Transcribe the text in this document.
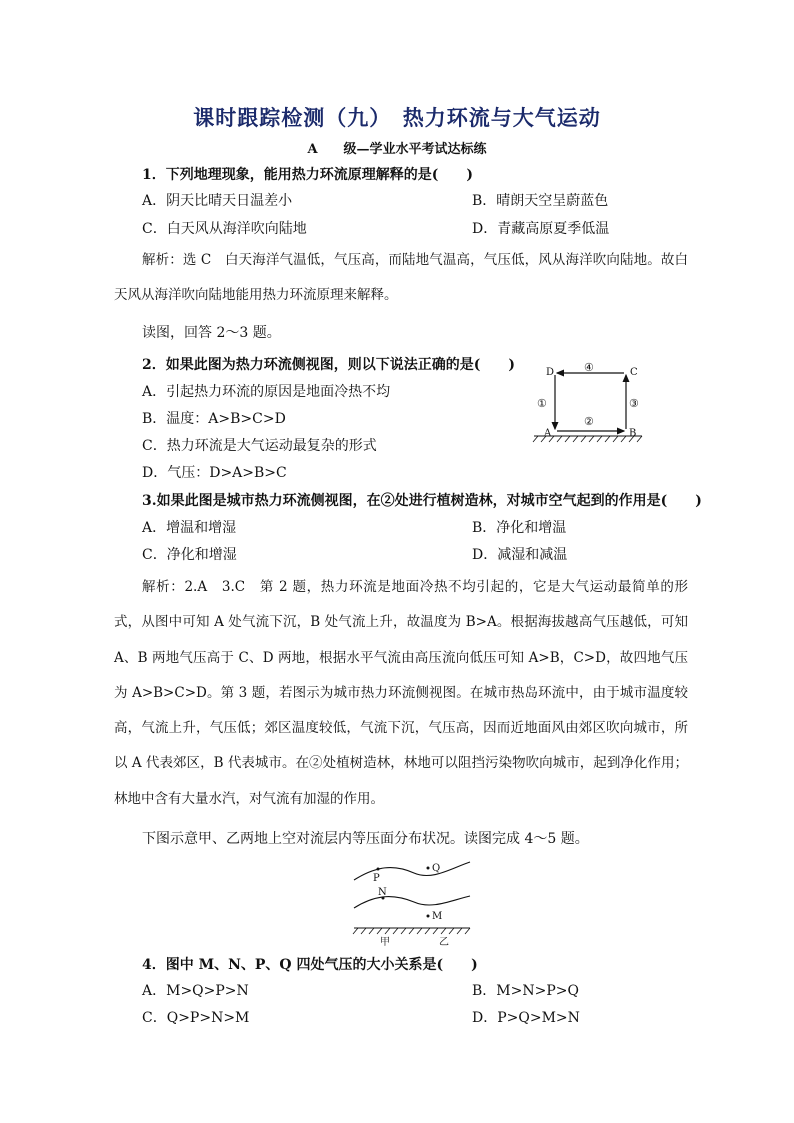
课时跟踪检测（九）　热力环流与大气运动
A　　级—学业水平考试达标练
1．下列地理现象，能用热力环流原理解释的是(　　)
A．阴天比晴天日温差小	B．晴朗天空呈蔚蓝色
C．白天风从海洋吹向陆地	D．青藏高原夏季低温

解析：选 C　白天海洋气温低，气压高，而陆地气温高，气压低，风从海洋吹向陆地。故白天风从海洋吹向陆地能用热力环流原理来解释。

读图，回答 2～3 题。
2．如果此图为热力环流侧视图，则以下说法正确的是(　　)
A．引起热力环流的原因是地面冷热不均
B．温度：A>B>C>D
C．热力环流是大气运动最复杂的形式
D．气压：D>A>B>C
D	C
A	B
①
②
③
④
3.如果此图是城市热力环流侧视图，在②处进行植树造林，对城市空气起到的作用是(　　)
A．增温和增湿	B．净化和增温
C．净化和增湿	D．减湿和减温

解析：2.A　3.C　第 2 题，热力环流是地面冷热不均引起的，它是大气运动最简单的形式，从图中可知 A 处气流下沉，B 处气流上升，故温度为 B>A。根据海拔越高气压越低，可知 A、B 两地气压高于 C、D 两地，根据水平气流由高压流向低压可知 A>B，C>D，故四地气压为 A>B>C>D。第 3 题，若图示为城市热力环流侧视图。在城市热岛环流中，由于城市温度较高，气流上升，气压低；郊区温度较低，气流下沉，气压高，因而近地面风由郊区吹向城市，所以 A 代表郊区，B 代表城市。在②处植树造林，林地可以阻挡污染物吹向城市，起到净化作用；林地中含有大量水汽，对气流有加湿的作用。

下图示意甲、乙两地上空对流层内等压面分布状况。读图完成 4～5 题。
P
Q
N
M
甲	乙
4．图中 M、N、P、Q 四处气压的大小关系是(　　)
A．M>Q>P>N	B．M>N>P>Q
C．Q>P>N>M	D．P>Q>M>N
